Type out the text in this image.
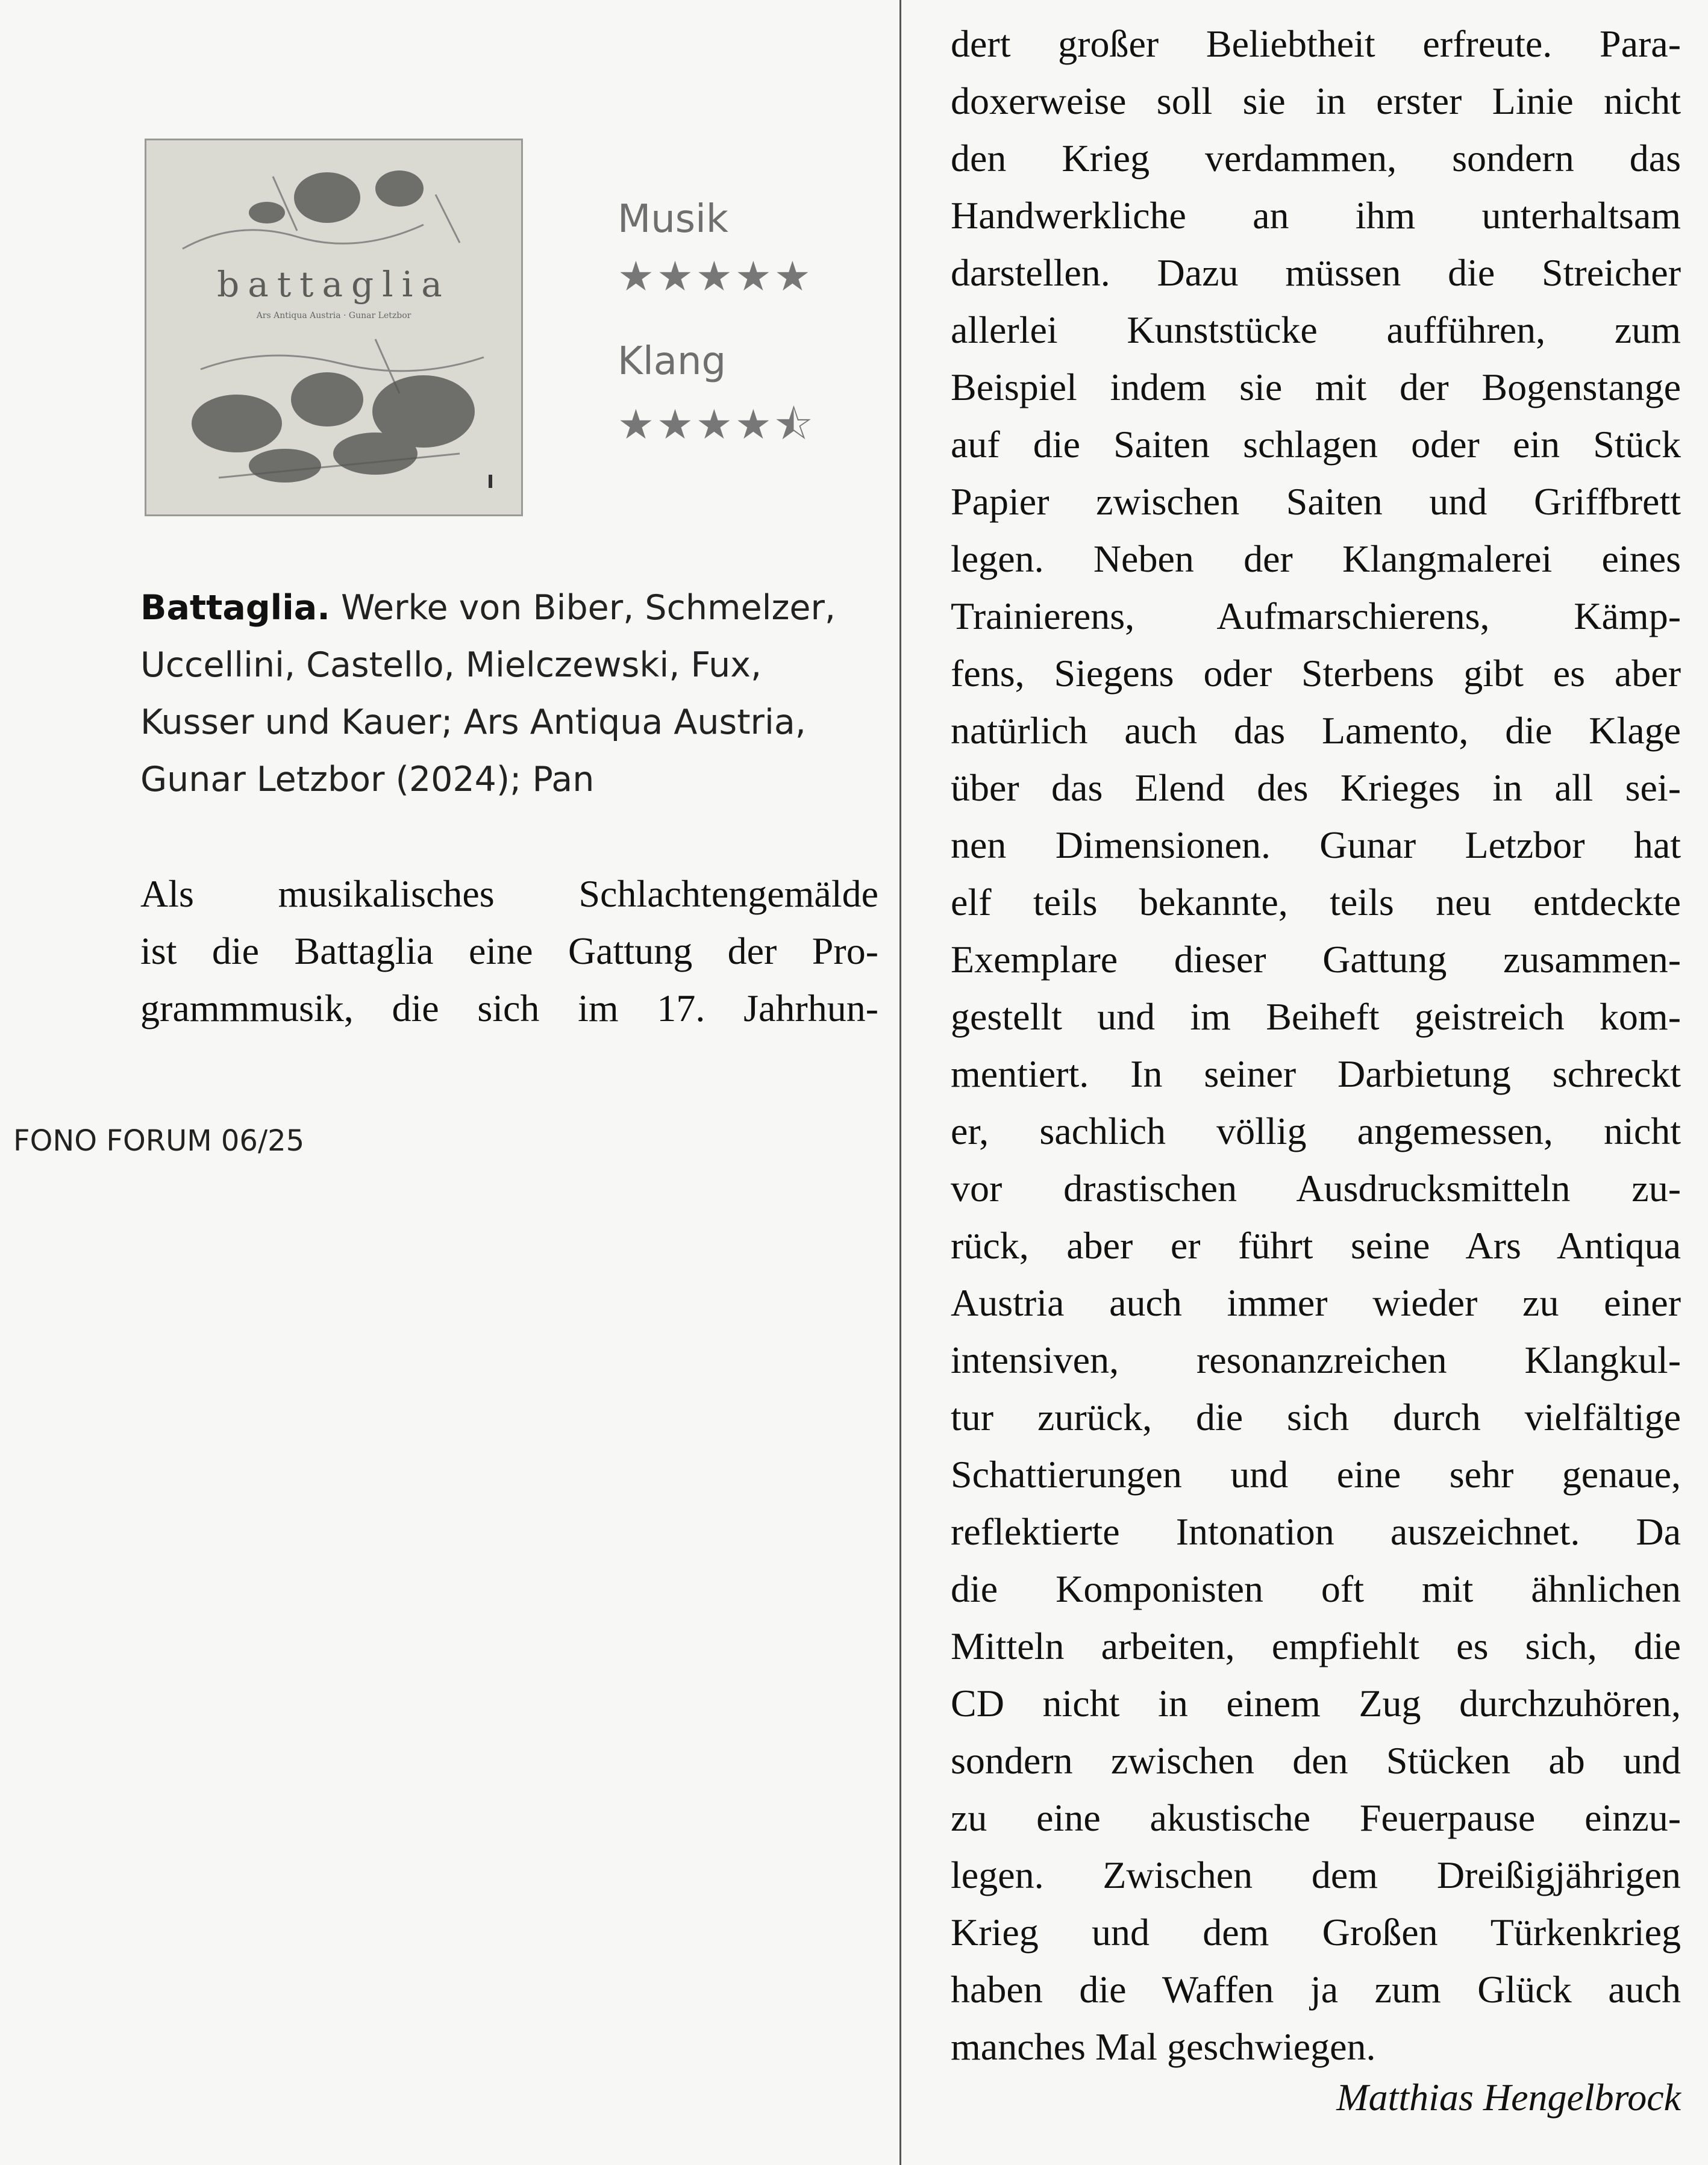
battaglia
Ars Antiqua Austria · Gunar Letzbor
Musik
★★★★★
Klang
★★★★⯪
Battaglia. Werke von Biber, Schmelzer,
Uccellini, Castello, Mielczewski, Fux,
Kusser und Kauer; Ars Antiqua Austria,
Gunar Letzbor (2024); Pan
Als musikalisches Schlachtengemälde
ist die Battaglia eine Gattung der Pro-
grammmusik, die sich im 17. Jahrhun-
FONO FORUM 06/25
dert großer Beliebtheit erfreute. Para-
doxerweise soll sie in erster Linie nicht
den Krieg verdammen, sondern das
Handwerkliche an ihm unterhaltsam
darstellen. Dazu müssen die Streicher
allerlei Kunststücke aufführen, zum
Beispiel indem sie mit der Bogenstange
auf die Saiten schlagen oder ein Stück
Papier zwischen Saiten und Griffbrett
legen. Neben der Klangmalerei eines
Trainierens, Aufmarschierens, Kämp-
fens, Siegens oder Sterbens gibt es aber
natürlich auch das Lamento, die Klage
über das Elend des Krieges in all sei-
nen Dimensionen. Gunar Letzbor hat
elf teils bekannte, teils neu entdeckte
Exemplare dieser Gattung zusammen-
gestellt und im Beiheft geistreich kom-
mentiert. In seiner Darbietung schreckt
er, sachlich völlig angemessen, nicht
vor drastischen Ausdrucksmitteln zu-
rück, aber er führt seine Ars Antiqua
Austria auch immer wieder zu einer
intensiven, resonanzreichen Klangkul-
tur zurück, die sich durch vielfältige
Schattierungen und eine sehr genaue,
reflektierte Intonation auszeichnet. Da
die Komponisten oft mit ähnlichen
Mitteln arbeiten, empfiehlt es sich, die
CD nicht in einem Zug durchzuhören,
sondern zwischen den Stücken ab und
zu eine akustische Feuerpause einzu-
legen. Zwischen dem Dreißigjährigen
Krieg und dem Großen Türkenkrieg
haben die Waffen ja zum Glück auch
manches Mal geschwiegen.
Matthias Hengelbrock
